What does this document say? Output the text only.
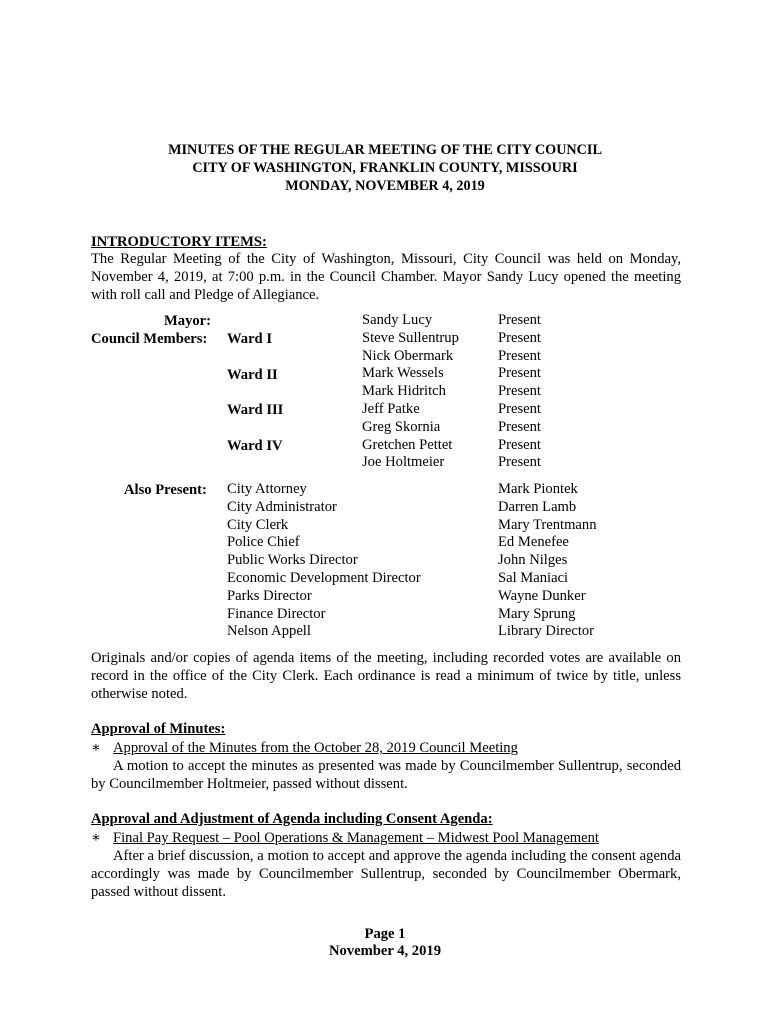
MINUTES OF THE REGULAR MEETING OF THE CITY COUNCIL
CITY OF WASHINGTON, FRANKLIN COUNTY, MISSOURI
MONDAY, NOVEMBER 4, 2019
INTRODUCTORY ITEMS:
The Regular Meeting of the City of Washington, Missouri, City Council was held on Monday, November 4, 2019, at 7:00 p.m. in the Council Chamber. Mayor Sandy Lucy opened the meeting with roll call and Pledge of Allegiance.
Mayor:
Council Members: Ward I
Ward II
Ward III
Ward IV
Sandy Lucy
Steve Sullentrup
Nick Obermark
Mark Wessels
Mark Hidritch
Jeff Patke
Greg Skornia
Gretchen Pettet
Joe Holtmeier
Present
Present
Present
Present
Present
Present
Present
Present
Present
Also Present: City Attorney
City Administrator
City Clerk
Police Chief
Public Works Director
Economic Development Director
Parks Director
Finance Director
Nelson Appell
Mark Piontek
Darren Lamb
Mary Trentmann
Ed Menefee
John Nilges
Sal Maniaci
Wayne Dunker
Mary Sprung
Library Director
Originals and/or copies of agenda items of the meeting, including recorded votes are available on record in the office of the City Clerk. Each ordinance is read a minimum of twice by title, unless otherwise noted.
Approval of Minutes:
∗ Approval of the Minutes from the October 28, 2019 Council Meeting
A motion to accept the minutes as presented was made by Councilmember Sullentrup, seconded by Councilmember Holtmeier, passed without dissent.
Approval and Adjustment of Agenda including Consent Agenda:
∗ Final Pay Request – Pool Operations & Management – Midwest Pool Management
After a brief discussion, a motion to accept and approve the agenda including the consent agenda accordingly was made by Councilmember Sullentrup, seconded by Councilmember Obermark, passed without dissent.
Page 1
November 4, 2019
